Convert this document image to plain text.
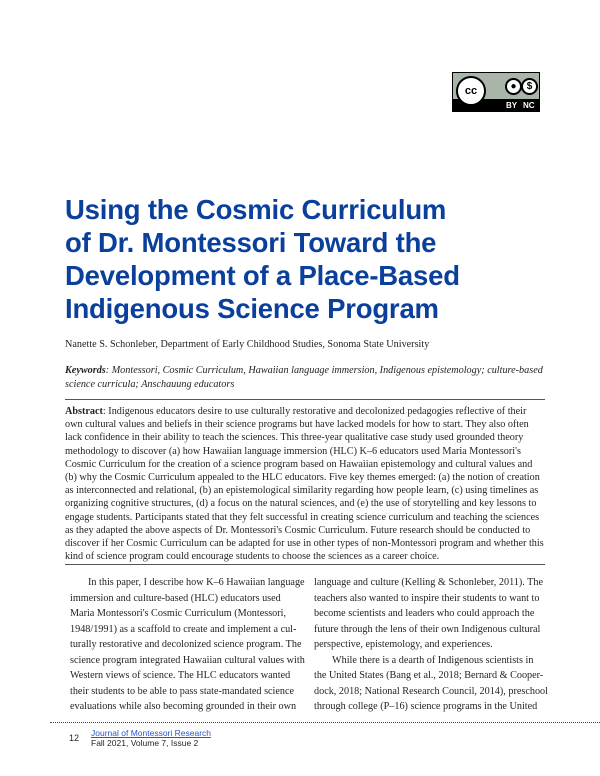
cc	●	$
BY NC
Using the Cosmic Curriculum
of Dr. Montessori Toward the
Development of a Place-Based
Indigenous Science Program
Nanette S. Schonleber, Department of Early Childhood Studies, Sonoma State University
Keywords: Montessori, Cosmic Curriculum, Hawaiian language immersion, Indigenous epistemology; culture-based science curricula; Anschauung educators
Abstract: Indigenous educators desire to use culturally restorative and decolonized pedagogies reflective of their
own cultural values and beliefs in their science programs but have lacked models for how to start. They also often
lack confidence in their ability to teach the sciences. This three-year qualitative case study used grounded theory
methodology to discover (a) how Hawaiian language immersion (HLC) K–6 educators used Maria Montessori's
Cosmic Curriculum for the creation of a science program based on Hawaiian epistemology and cultural values and
(b) why the Cosmic Curriculum appealed to the HLC educators. Five key themes emerged: (a) the notion of creation
as interconnected and relational, (b) an epistemological similarity regarding how people learn, (c) using timelines as
organizing cognitive structures, (d) a focus on the natural sciences, and (e) the use of storytelling and key lessons to
engage students. Participants stated that they felt successful in creating science curriculum and teaching the sciences
as they adapted the above aspects of Dr. Montessori's Cosmic Curriculum. Future research should be conducted to
discover if her Cosmic Curriculum can be adapted for use in other types of non-Montessori program and whether this
kind of science program could encourage students to choose the sciences as a career choice.
In this paper, I describe how K–6 Hawaiian language
immersion and culture-based (HLC) educators used
Maria Montessori's Cosmic Curriculum (Montessori,
1948/1991) as a scaffold to create and implement a cul-
turally restorative and decolonized science program. The
science program integrated Hawaiian cultural values with
Western views of science. The HLC educators wanted
their students to be able to pass state-mandated science
evaluations while also becoming grounded in their own
language and culture (Kelling & Schonleber, 2011). The
teachers also wanted to inspire their students to want to
become scientists and leaders who could approach the
future through the lens of their own Indigenous cultural
perspective, epistemology, and experiences.
While there is a dearth of Indigenous scientists in
the United States (Bang et al., 2018; Bernard & Cooper-
dock, 2018; National Research Council, 2014), preschool
through college (P–16) science programs in the United
12 Journal of Montessori Research
Fall 2021, Volume 7, Issue 2
